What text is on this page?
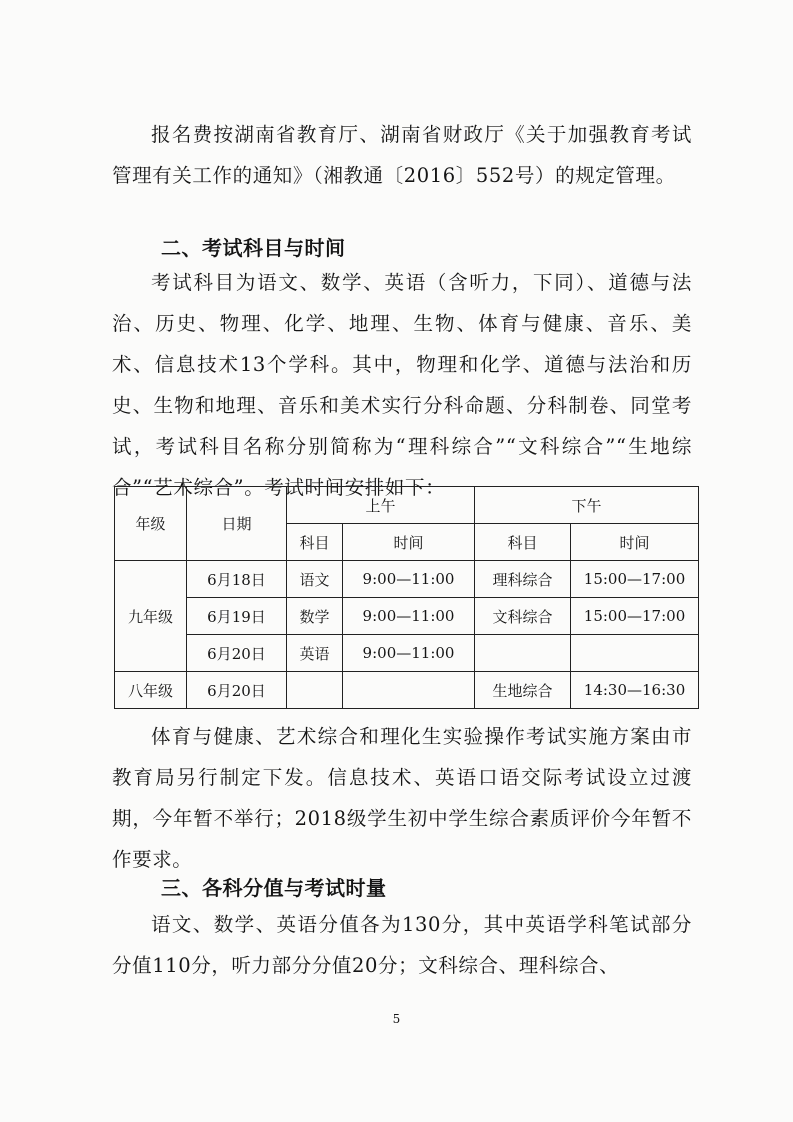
报名费按湖南省教育厅、湖南省财政厅《关于加强教育考试管理有关工作的通知》（湘教通〔2016〕552号）的规定管理。

二、考试科目与时间

考试科目为语文、数学、英语（含听力，下同）、道德与法治、历史、物理、化学、地理、生物、体育与健康、音乐、美术、信息技术13个学科。其中，物理和化学、道德与法治和历史、生物和地理、音乐和美术实行分科命题、分科制卷、同堂考试，考试科目名称分别简称为“理科综合”“文科综合”“生地综合”“艺术综合”。考试时间安排如下：

年级	日期	上午		下午	
		科目	时间	科目	时间
九年级	6月18日	语文	9:00—11:00	理科综合	15:00—17:00
	6月19日	数学	9:00—11:00	文科综合	15:00—17:00
	6月20日	英语	9:00—11:00		
八年级	6月20日			生地综合	14:30—16:30

体育与健康、艺术综合和理化生实验操作考试实施方案由市教育局另行制定下发。信息技术、英语口语交际考试设立过渡期，今年暂不举行；2018级学生初中学生综合素质评价今年暂不作要求。

三、各科分值与考试时量

语文、数学、英语分值各为130分，其中英语学科笔试部分分值110分，听力部分分值20分；文科综合、理科综合、

5
